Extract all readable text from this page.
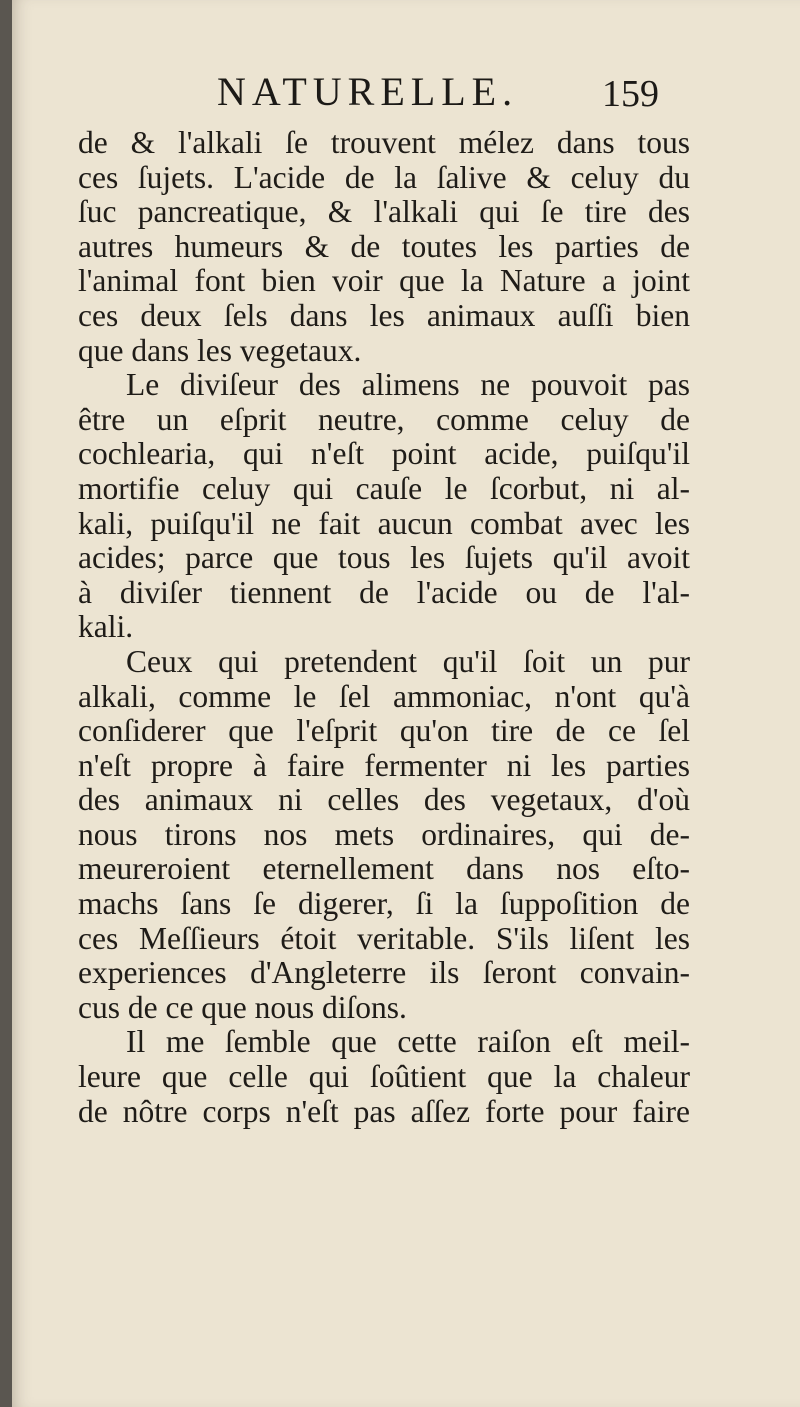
NATURELLE. 159
de & l'alkali ſe trouvent mélez dans tous
ces ſujets. L'acide de la ſalive & celuy du
ſuc pancreatique, & l'alkali qui ſe tire des
autres humeurs & de toutes les parties de
l'animal font bien voir que la Nature a joint
ces deux ſels dans les animaux auſſi bien
que dans les vegetaux.
Le diviſeur des alimens ne pouvoit pas
être un eſprit neutre, comme celuy de
cochlearia, qui n'eſt point acide, puiſqu'il
mortifie celuy qui cauſe le ſcorbut, ni al-
kali, puiſqu'il ne fait aucun combat avec les
acides; parce que tous les ſujets qu'il avoit
à diviſer tiennent de l'acide ou de l'al-
kali.
Ceux qui pretendent qu'il ſoit un pur
alkali, comme le ſel ammoniac, n'ont qu'à
conſiderer que l'eſprit qu'on tire de ce ſel
n'eſt propre à faire fermenter ni les parties
des animaux ni celles des vegetaux, d'où
nous tirons nos mets ordinaires, qui de-
meureroient eternellement dans nos eſto-
machs ſans ſe digerer, ſi la ſuppoſition de
ces Meſſieurs étoit veritable. S'ils liſent les
experiences d'Angleterre ils ſeront convain-
cus de ce que nous diſons.
Il me ſemble que cette raiſon eſt meil-
leure que celle qui ſoûtient que la chaleur
de nôtre corps n'eſt pas aſſez forte pour faire
